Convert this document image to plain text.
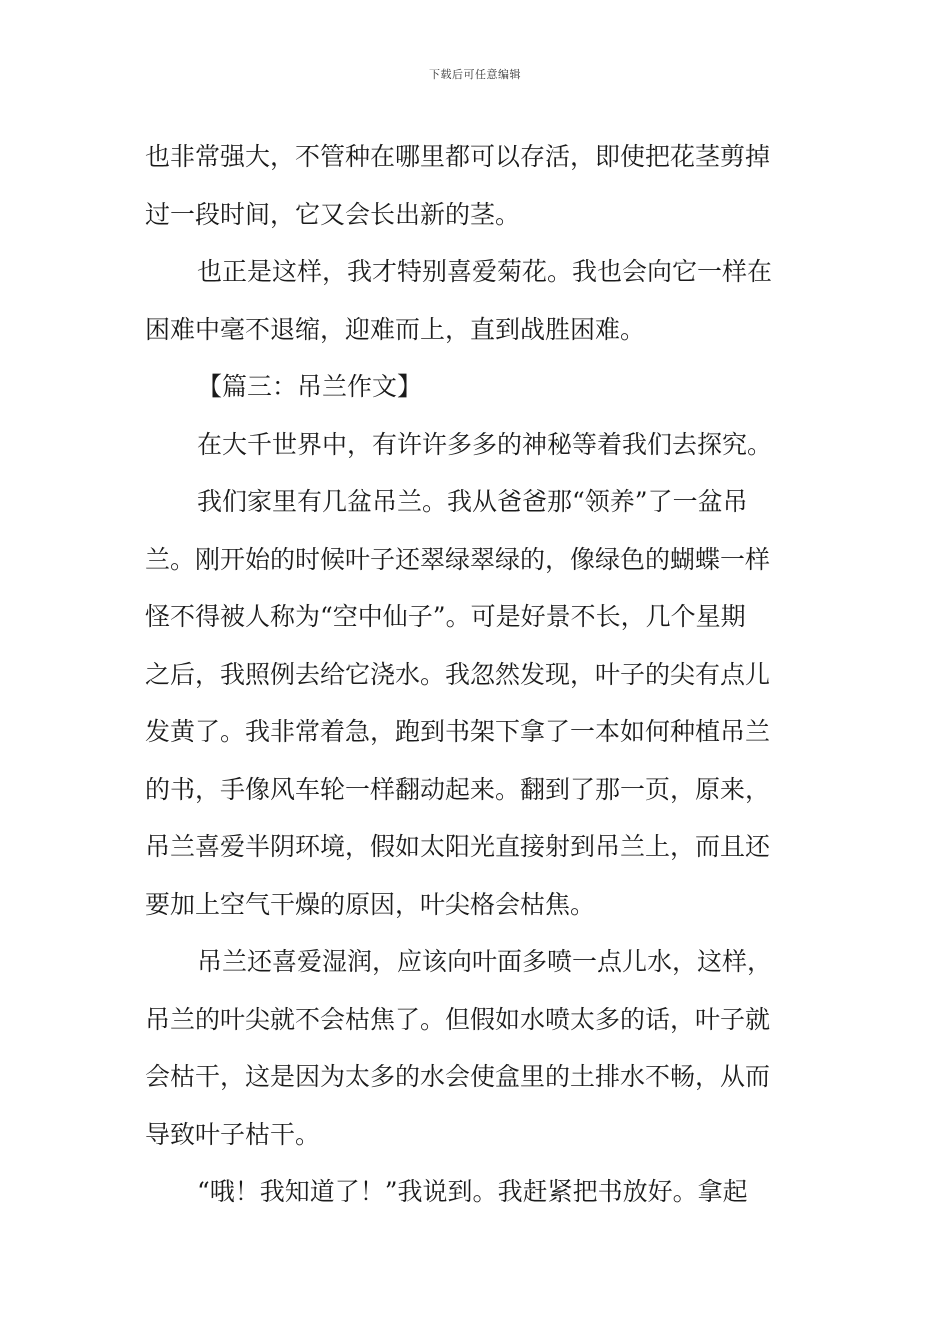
下载后可任意编辑
也非常强大，不管种在哪里都可以存活，即使把花茎剪掉
过一段时间，它又会长出新的茎。
也正是这样，我才特别喜爱菊花。我也会向它一样在
困难中毫不退缩，迎难而上，直到战胜困难。
【篇三：吊兰作文】
在大千世界中，有许许多多的神秘等着我们去探究。
我们家里有几盆吊兰。我从爸爸那“领养”了一盆吊
兰。刚开始的时候叶子还翠绿翠绿的，像绿色的蝴蝶一样
怪不得被人称为“空中仙子”。可是好景不长，几个星期
之后，我照例去给它浇水。我忽然发现，叶子的尖有点儿
发黄了。我非常着急，跑到书架下拿了一本如何种植吊兰
的书，手像风车轮一样翻动起来。翻到了那一页，原来，
吊兰喜爱半阴环境，假如太阳光直接射到吊兰上，而且还
要加上空气干燥的原因，叶尖格会枯焦。
吊兰还喜爱湿润，应该向叶面多喷一点儿水，这样，
吊兰的叶尖就不会枯焦了。但假如水喷太多的话，叶子就
会枯干，这是因为太多的水会使盒里的土排水不畅，从而
导致叶子枯干。
“哦！我知道了！”我说到。我赶紧把书放好。拿起
